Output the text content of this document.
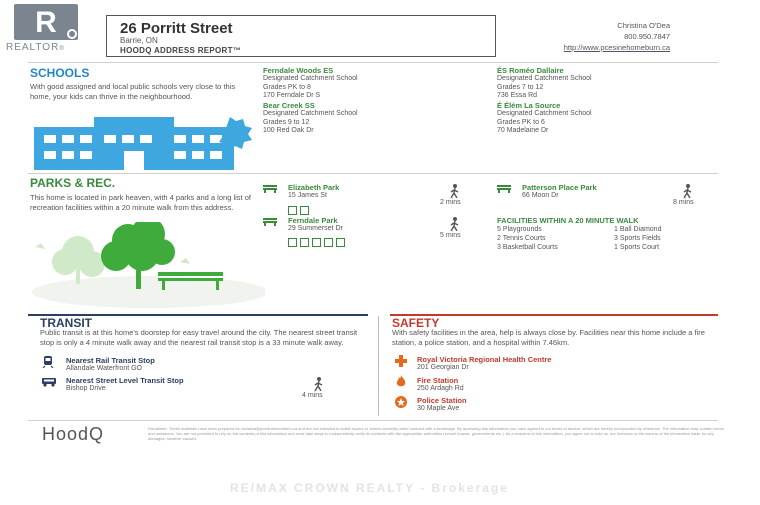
R
REALTOR®
26 Porritt Street
Barrie, ON
HOODQ ADDRESS REPORT™
Christina O'Dea
800.950.7847
http://www.pcesinehomeburn.ca
SCHOOLS
With good assigned and local public schools very close to this home, your kids can thrive in the neighbourhood.
Ferndale Woods ES
Designated Catchment School
Grades PK to 8
170 Ferndale Dr S
ÉS Roméo Dallaire
Designated Catchment School
Grades 7 to 12
736 Essa Rd
Bear Creek SS
Designated Catchment School
Grades 9 to 12
100 Red Oak Dr
É Élém La Source
Designated Catchment School
Grades PK to 6
70 Madelaine Dr
PARKS & REC.
This home is located in park heaven, with 4 parks and a long list of recreation facilities within a 20 minute walk from this address.
Elizabeth Park
15 James St
2 mins
Patterson Place Park
66 Moon Dr
8 mins
Ferndale Park
29 Summerset Dr
5 mins
FACILITIES WITHIN A 20 MINUTE WALK
5 Playgrounds	1 Ball Diamond
2 Tennis Courts	3 Sports Fields
3 Basketball Courts	1 Sports Court
TRANSIT
Public transit is at this home's doorstep for easy travel around the city. The nearest street transit stop is only a 4 minute walk away and the nearest rail transit stop is a 33 minute walk away.
Nearest Rail Transit Stop
Allandale Waterfront GO
Nearest Street Level Transit Stop
Bishop Drive
4 mins
SAFETY
With safety facilities in the area, help is always close by. Facilities near this home include a fire station, a police station, and a hospital within 7.46km.
Royal Victoria Regional Health Centre
201 Georgian Dr
Fire Station
250 Ardagh Rd
Police Station
30 Maple Ave
HoodQ	Disclaimer: These materials have been prepared for christina@pcesinehomeburn.ca and are not intended to solicit buyers or sellers currently under contract with a brokerage. By accessing this information you have agreed to our terms of service, which are hereby incorporated by reference. The information may contain errors and omissions. You are not permitted to rely on the contents of this information and must take steps to independently verify its contents with the appropriate authorities (school boards, governments etc.). As a recipient of this information, you agree not to hold us, our licensors or the owners of the information liable for any damages, however caused.
RE/MAX CROWN REALTY - Brokerage
